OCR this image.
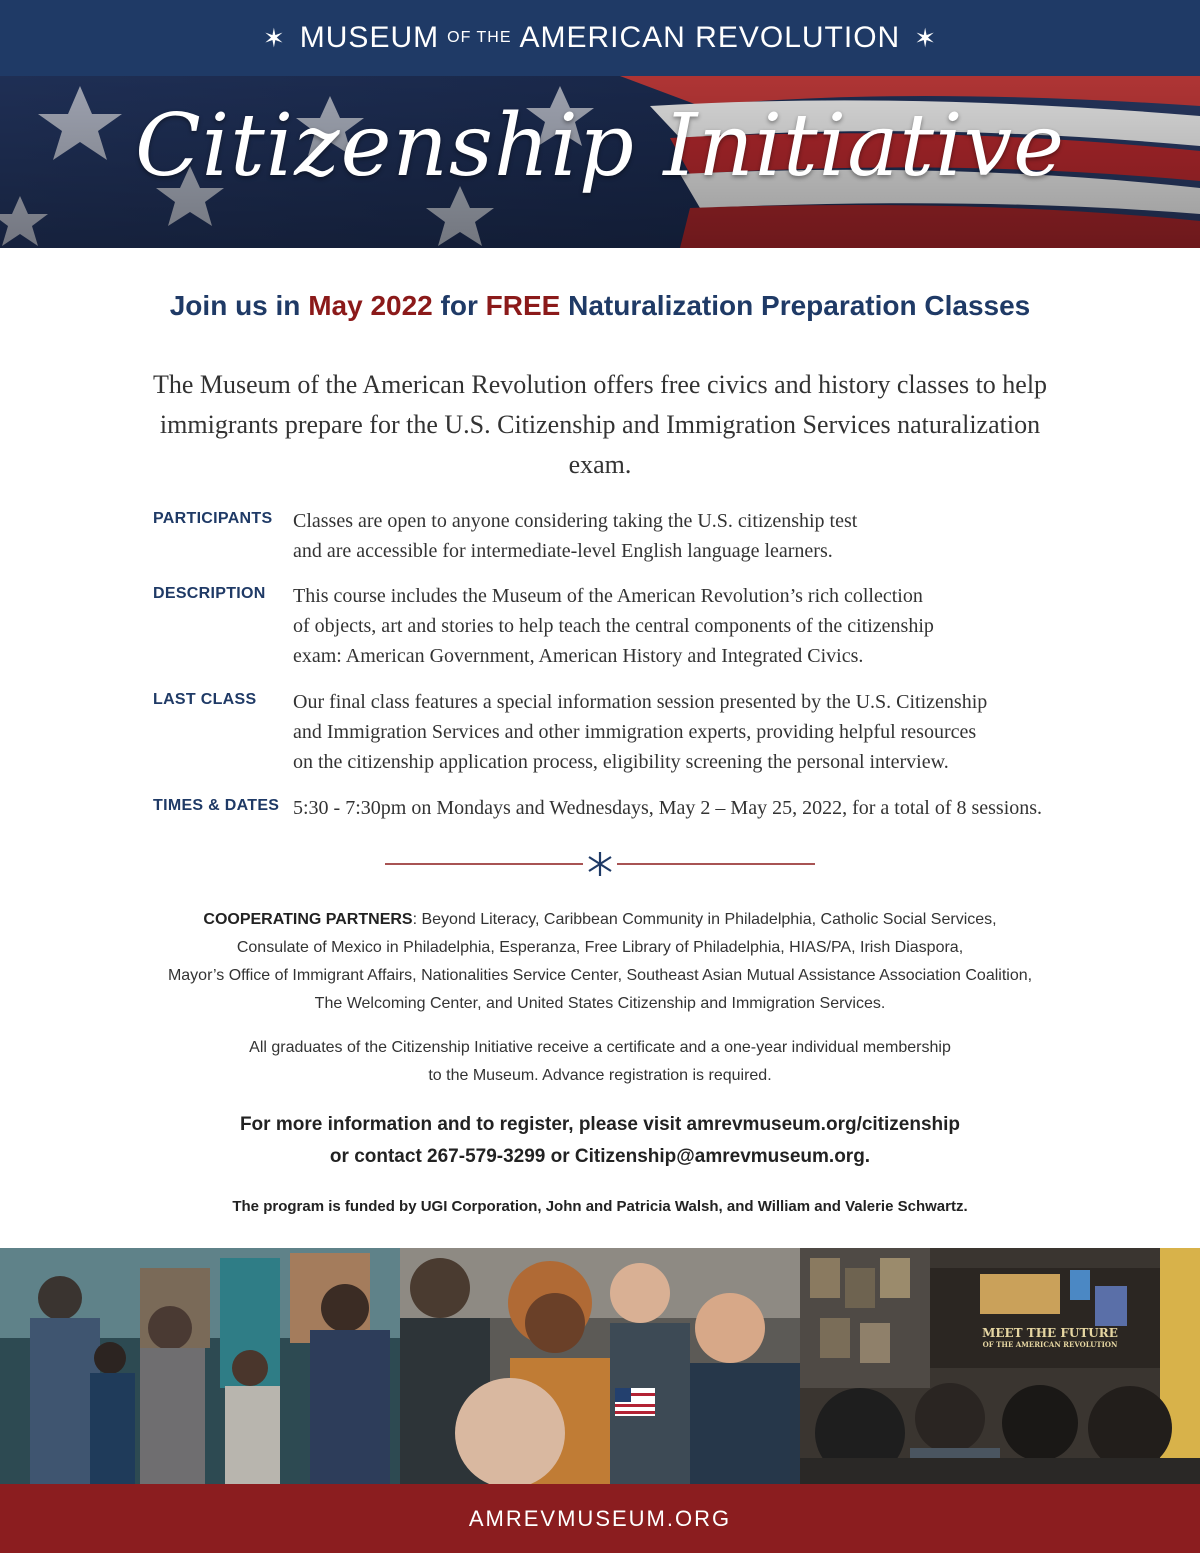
✶ MUSEUM OF THE AMERICAN REVOLUTION ✶
Citizenship Initiative
Join us in May 2022 for FREE Naturalization Preparation Classes
The Museum of the American Revolution offers free civics and history classes to help immigrants prepare for the U.S. Citizenship and Immigration Services naturalization exam.
PARTICIPANTS	Classes are open to anyone considering taking the U.S. citizenship test
and are accessible for intermediate-level English language learners.
DESCRIPTION	This course includes the Museum of the American Revolution’s rich collection
of objects, art and stories to help teach the central components of the citizenship
exam: American Government, American History and Integrated Civics.
LAST CLASS	Our final class features a special information session presented by the U.S. Citizenship
and Immigration Services and other immigration experts, providing helpful resources
on the citizenship application process, eligibility screening the personal interview.
TIMES & DATES 5:30 - 7:30pm on Mondays and Wednesdays, May 2 – May 25, 2022, for a total of 8 sessions.
COOPERATING PARTNERS: Beyond Literacy, Caribbean Community in Philadelphia, Catholic Social Services,
Consulate of Mexico in Philadelphia, Esperanza, Free Library of Philadelphia, HIAS/PA, Irish Diaspora,
Mayor’s Office of Immigrant Affairs, Nationalities Service Center, Southeast Asian Mutual Assistance Association Coalition,
The Welcoming Center, and United States Citizenship and Immigration Services.
All graduates of the Citizenship Initiative receive a certificate and a one-year individual membership
to the Museum. Advance registration is required.
For more information and to register, please visit amrevmuseum.org/citizenship
or contact 267-579-3299 or Citizenship@amrevmuseum.org.
The program is funded by UGI Corporation, John and Patricia Walsh, and William and Valerie Schwartz.
MEET THE FUTURE
OF THE AMERICAN REVOLUTION
AMREVMUSEUM.ORG
